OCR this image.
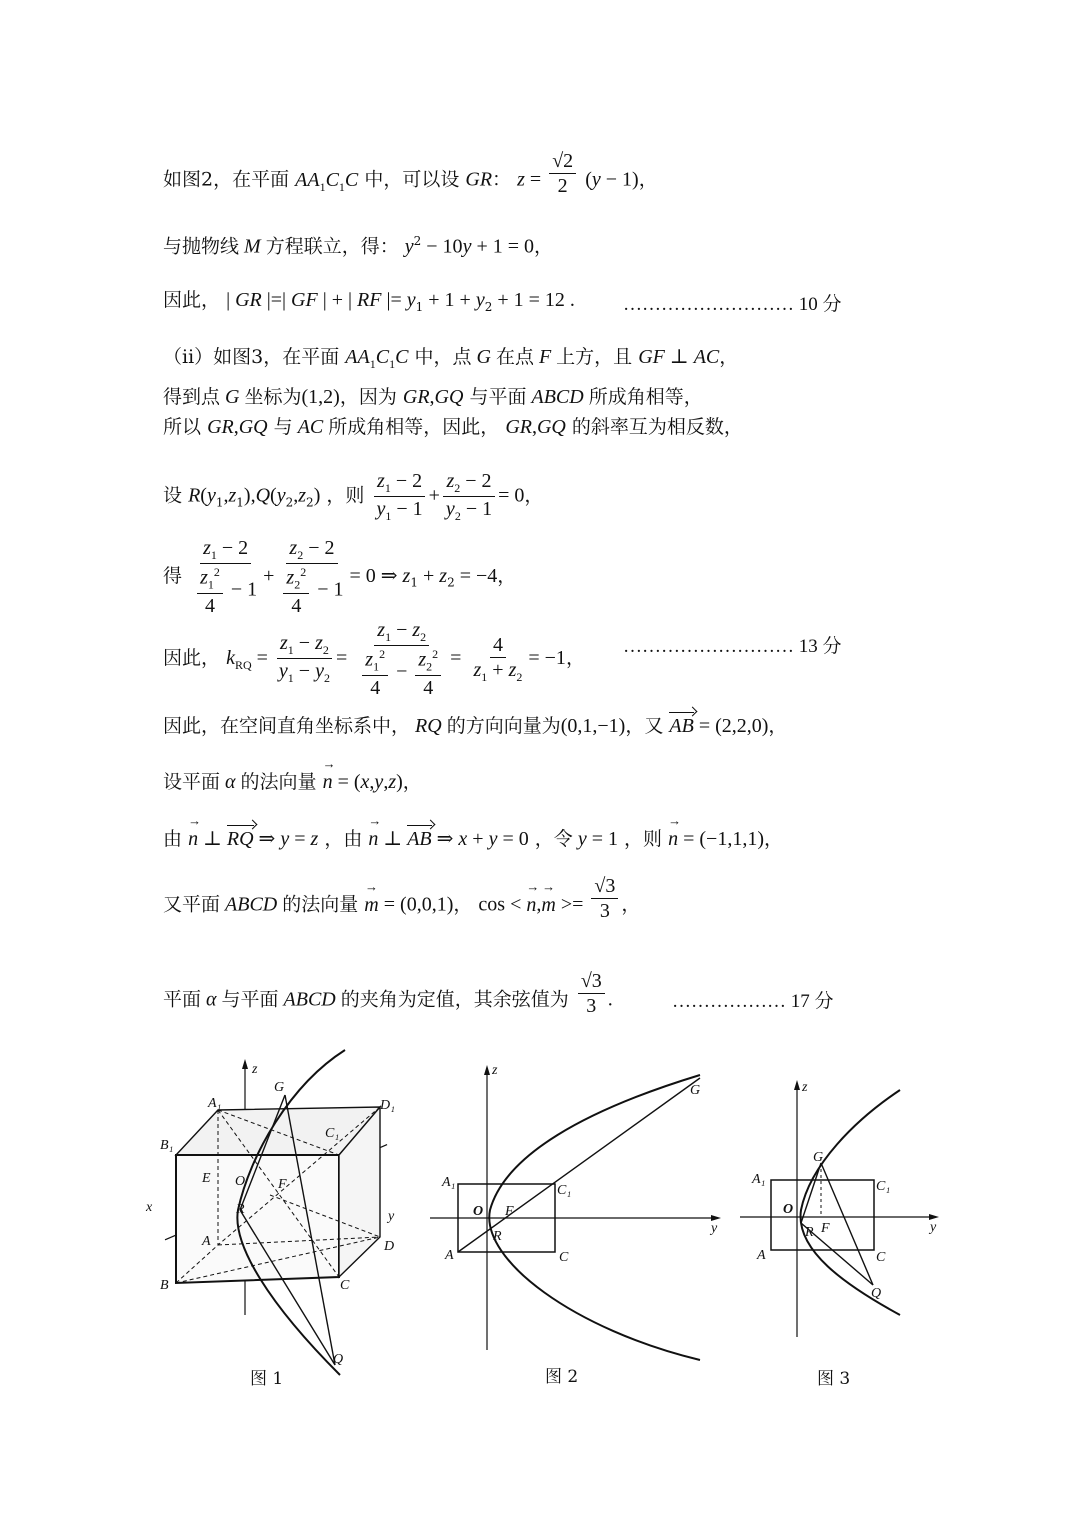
如图2，在平面 $AA_1C_1C$ 中，可以设 GR： $z = \frac{√2}{2} (y - 1)$，
与抛物线 M 方程联立，得： $y^2 - 10y + 1 = 0$，
因此， | GR |=| GF | + | RF |= $y_1 + 1 + y_2 + 1 = 12$ .	……………………… 10 分
（ⅱ）如图3，在平面 $AA_1C_1C$ 中，点 G 在点 F 上方，且 GF ⊥ AC，
得到点 G 坐标为(1,2)，因为 GR,GQ 与平面 ABCD 所成角相等，
所以 GR,GQ 与 AC 所成角相等，因此， GR,GQ 的斜率互为相反数，
设 $R(y_1,z_1),Q(y_2,z_2)$ ，则 $\frac{z_1 - 2}{y_1 - 1} + \frac{z_2 - 2}{y_2 - 1} = 0$，
得 $\frac{z_1 - 2}{\frac{z_1^2}{4} - 1} + \frac{z_2 - 2}{\frac{z_2^2}{4} - 1} = 0$ ⇒ $z_1 + z_2 = -4$，
因此， $k_{RQ} = \frac{z_1 - z_2}{y_1 - y_2} = \frac{z_1 - z_2}{\frac{z_1^2}{4} - \frac{z_2^2}{4}} = \frac{4}{z_1 + z_2} = -1$，
……………………… 13 分
因此，在空间直角坐标系中， RQ 的方向向量为(0,1,−1)，又 AB = (2,2,0)，
设平面 α 的法向量 → n = (x,y,z)，
由 → n ⊥ RQ ⇒ y = z ，由 → n ⊥ AB ⇒ x + y = 0 ，令 y = 1 ，则 → n = (−1,1,1)，
又平面 ABCD 的法向量 → m = (0,0,1)， cos < → $n,\to m >= \frac{√3}{3}$ ，
平面 α 与平面 ABCD 的夹角为定值，其余弦值为 $\frac{√3}{3}$ .	……………… 17 分
z
x
y
G
A₁	D₁
C₁
B₁
E O F
R
A	D
B	C
Q
图 1
z
y
G
A₁
C₁
O F
R
A	C
图 2
z
y
G
A₁	C₁
O
F
R
A	C
Q
图 3
